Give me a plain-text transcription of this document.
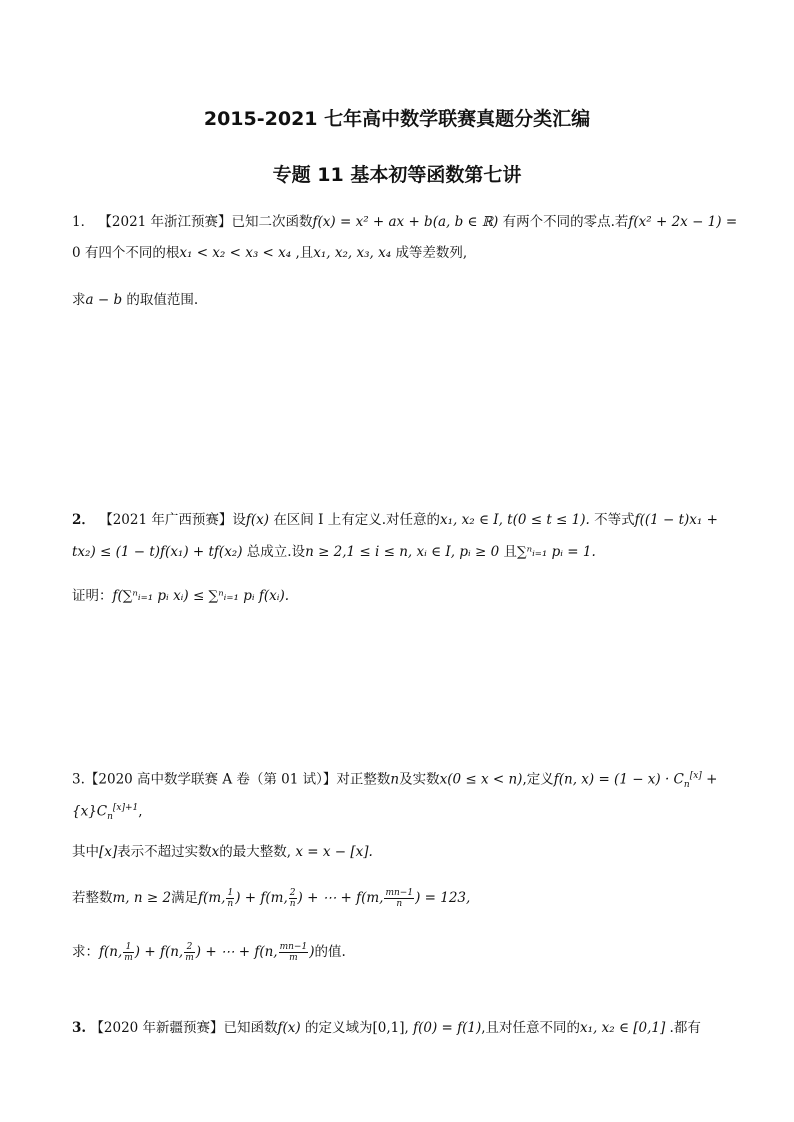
2015-2021 七年高中数学联赛真题分类汇编
专题 11 基本初等函数第七讲
1． 【2021 年浙江预赛】已知二次函数f(x) = x² + ax + b(a, b ∈ ℝ) 有两个不同的零点.若f(x² + 2x − 1) =
0 有四个不同的根x₁ < x₂ < x₃ < x₄ ,且x₁, x₂, x₃, x₄ 成等差数列,
求a − b 的取值范围.
2． 【2021 年广西预赛】设f(x) 在区间 I 上有定义.对任意的x₁, x₂ ∈ I, t(0 ≤ t ≤ 1). 不等式f((1 − t)x₁ +
tx₂) ≤ (1 − t)f(x₁) + tf(x₂) 总成立.设n ≥ 2,1 ≤ i ≤ n, xᵢ ∈ I, pᵢ ≥ 0 且∑ⁿᵢ₌₁ pᵢ = 1.
证明：f(∑ⁿᵢ₌₁ pᵢ xᵢ) ≤ ∑ⁿᵢ₌₁ pᵢ f(xᵢ).
3.【2020 高中数学联赛 A 卷（第 01 试）】对正整数n及实数x(0 ≤ x < n),定义f(n, $x) = (1 - x) \cdot C_n[x]$ +
$\{x\}C_n^{[x]+1}$,
其中[x]表示不超过实数x的最大整数, x = x − [x].
若整数m, n ≥ 2满足f(m, $\frac{1}{n}$ ) + f(m, $\frac{2}{n}$ ) + ⋯ + f(m, $\frac{mn-1}{n}$ ) = 123,
求：f(n, $\frac{1}{m}$ ) + f(n, $\frac{2}{m}$ ) + ⋯ + f(n, $\frac{mn-1}{m}$ )的值.
3. 【2020 年新疆预赛】已知函数f(x) 的定义域为[0,1], f(0) = f(1),且对任意不同的x₁, x₂ ∈ [0,1] .都有
